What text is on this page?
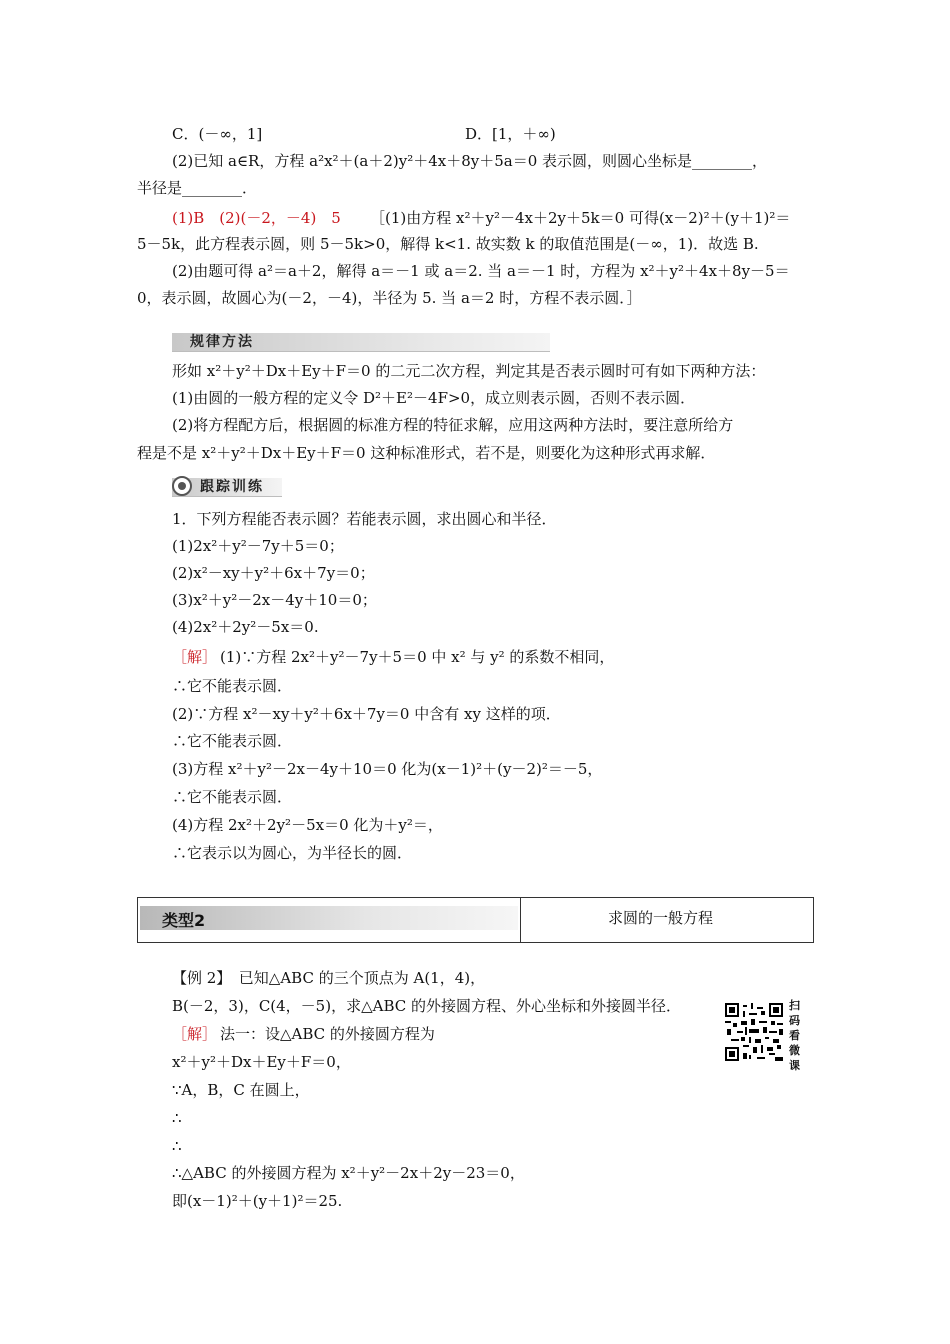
C．(－∞，1]	D．[1，＋∞)
(2)已知 a∈R，方程 a²x²＋(a＋2)y²＋4x＋8y＋5a＝0 表示圆，则圆心坐标是________，
半径是________．
(1)B　(2)(－2，－4)　5 ［(1)由方程 x²＋y²－4x＋2y＋5k＝0 可得(x－2)²＋(y＋1)²＝
5－5k，此方程表示圆，则 5－5k>0，解得 k<1. 故实数 k 的取值范围是(－∞，1)．故选 B.
(2)由题可得 a²＝a＋2，解得 a＝－1 或 a＝2. 当 a＝－1 时，方程为 x²＋y²＋4x＋8y－5＝
0，表示圆，故圆心为(－2，－4)，半径为 5. 当 a＝2 时，方程不表示圆．］
规律方法
形如 x²＋y²＋Dx＋Ey＋F＝0 的二元二次方程，判定其是否表示圆时可有如下两种方法：
(1)由圆的一般方程的定义令 D²＋E²－4F>0，成立则表示圆，否则不表示圆．
(2)将方程配方后，根据圆的标准方程的特征求解，应用这两种方法时，要注意所给方
程是不是 x²＋y²＋Dx＋Ey＋F＝0 这种标准形式，若不是，则要化为这种形式再求解．
跟踪训练
1．下列方程能否表示圆？若能表示圆，求出圆心和半径．
(1)2x²＋y²－7y＋5＝0；
(2)x²－xy＋y²＋6x＋7y＝0；
(3)x²＋y²－2x－4y＋10＝0；
(4)2x²＋2y²－5x＝0.
［解］ (1)∵方程 2x²＋y²－7y＋5＝0 中 x² 与 y² 的系数不相同，
∴它不能表示圆．
(2)∵方程 x²－xy＋y²＋6x＋7y＝0 中含有 xy 这样的项．
∴它不能表示圆．
(3)方程 x²＋y²－2x－4y＋10＝0 化为(x－1)²＋(y－2)²＝－5，
∴它不能表示圆．
(4)方程 2x²＋2y²－5x＝0 化为＋y²＝，
∴它表示以为圆心，为半径长的圆．
类型2	求圆的一般方程
【例 2】　已知△ABC 的三个顶点为 A(1，4)，
B(－2，3)，C(4，－5)，求△ABC 的外接圆方程、外心坐标和外接圆半径．
［解］ 法一：设△ABC 的外接圆方程为
x²＋y²＋Dx＋Ey＋F＝0，
∵A，B，C 在圆上，
∴
∴
∴△ABC 的外接圆方程为 x²＋y²－2x＋2y－23＝0，
即(x－1)²＋(y＋1)²＝25.
扫码看微课
